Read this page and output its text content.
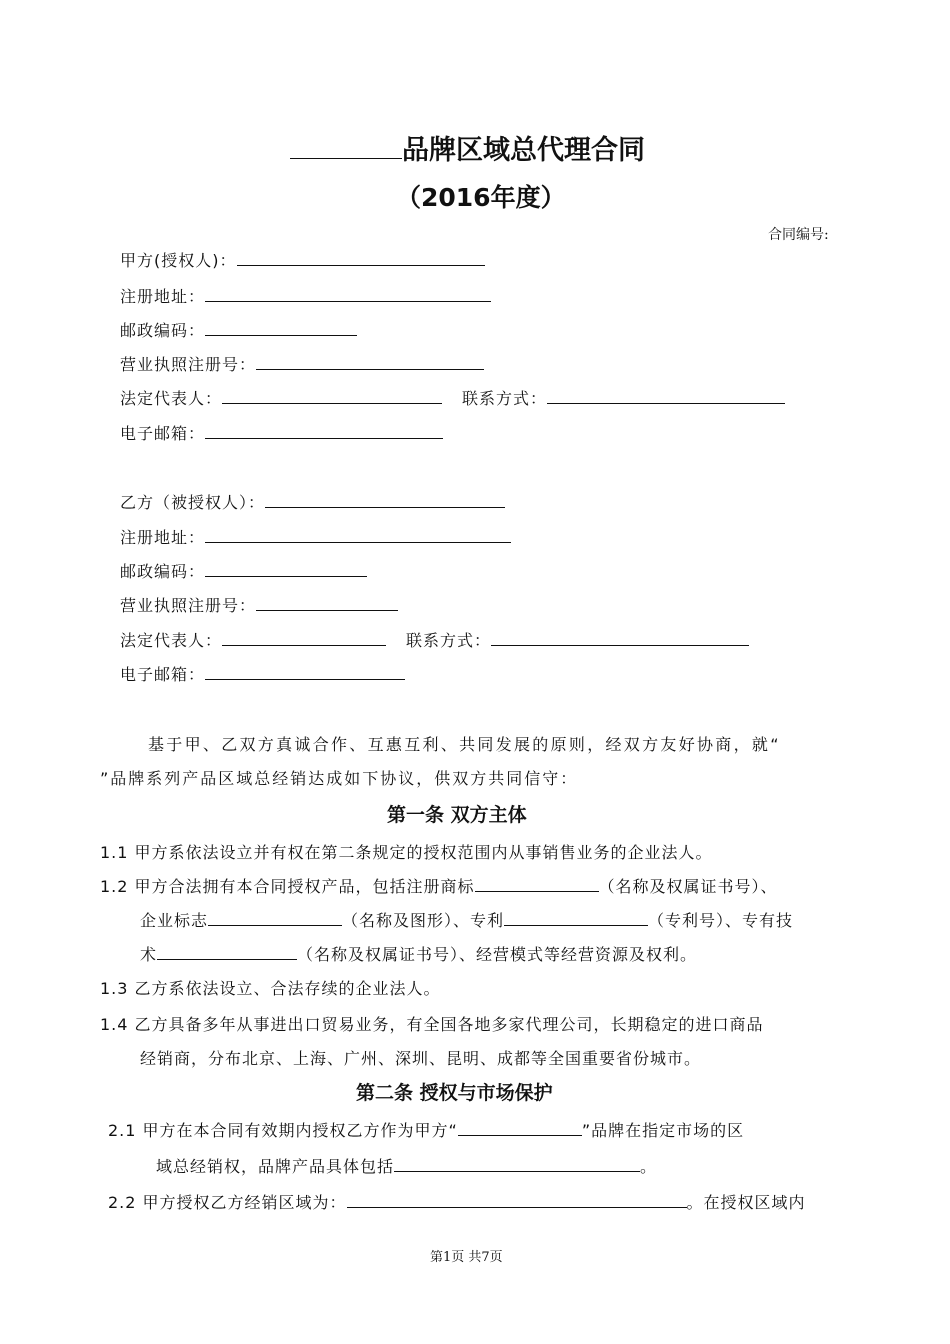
品牌区域总代理合同
（2016年度）
合同编号:
甲方(授权人)：
注册地址：
邮政编码：
营业执照注册号：
法定代表人：	联系方式：
电子邮箱：
乙方（被授权人）：
注册地址：
邮政编码：
营业执照注册号：
法定代表人：	联系方式：
电子邮箱：
基于甲、乙双方真诚合作、互惠互利、共同发展的原则，经双方友好协商，就“
”品牌系列产品区域总经销达成如下协议，供双方共同信守：
第一条 双方主体
1.1 甲方系依法设立并有权在第二条规定的授权范围内从事销售业务的企业法人。
1.2 甲方合法拥有本合同授权产品，包括注册商标	（名称及权属证书号）、
企业标志	（名称及图形）、专利	（专利号）、专有技
术	（名称及权属证书号）、经营模式等经营资源及权利。
1.3 乙方系依法设立、合法存续的企业法人。
1.4 乙方具备多年从事进出口贸易业务，有全国各地多家代理公司，长期稳定的进口商品
经销商，分布北京、上海、广州、深圳、昆明、成都等全国重要省份城市。
第二条 授权与市场保护
2.1 甲方在本合同有效期内授权乙方作为甲方“	”品牌在指定市场的区
域总经销权，品牌产品具体包括	。
2.2 甲方授权乙方经销区域为：	。在授权区域内
第1页 共7页
